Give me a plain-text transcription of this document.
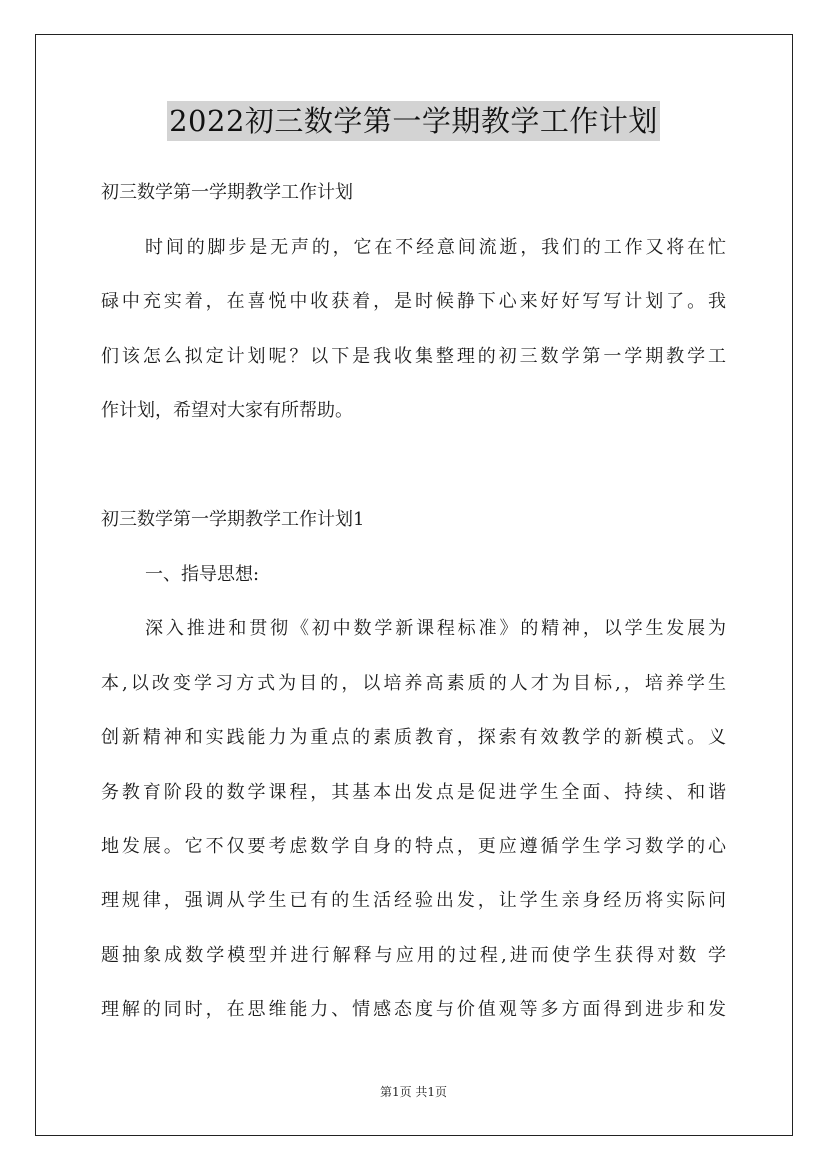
2022初三数学第一学期教学工作计划
初三数学第一学期教学工作计划
时间的脚步是无声的，它在不经意间流逝，我们的工作又将在忙
碌中充实着，在喜悦中收获着，是时候静下心来好好写写计划了。我
们该怎么拟定计划呢？以下是我收集整理的初三数学第一学期教学工
作计划，希望对大家有所帮助。
初三数学第一学期教学工作计划1
一、指导思想:
深入推进和贯彻《初中数学新课程标准》的精神，以学生发展为
本,以改变学习方式为目的，以培养高素质的人才为目标,，培养学生
创新精神和实践能力为重点的素质教育，探索有效教学的新模式。义
务教育阶段的数学课程，其基本出发点是促进学生全面、持续、和谐
地发展。它不仅要考虑数学自身的特点，更应遵循学生学习数学的心
理规律，强调从学生已有的生活经验出发，让学生亲身经历将实际问
题抽象成数学模型并进行解释与应用的过程,进而使学生获得对数 学
理解的同时，在思维能力、情感态度与价值观等多方面得到进步和发
第1页 共1页
